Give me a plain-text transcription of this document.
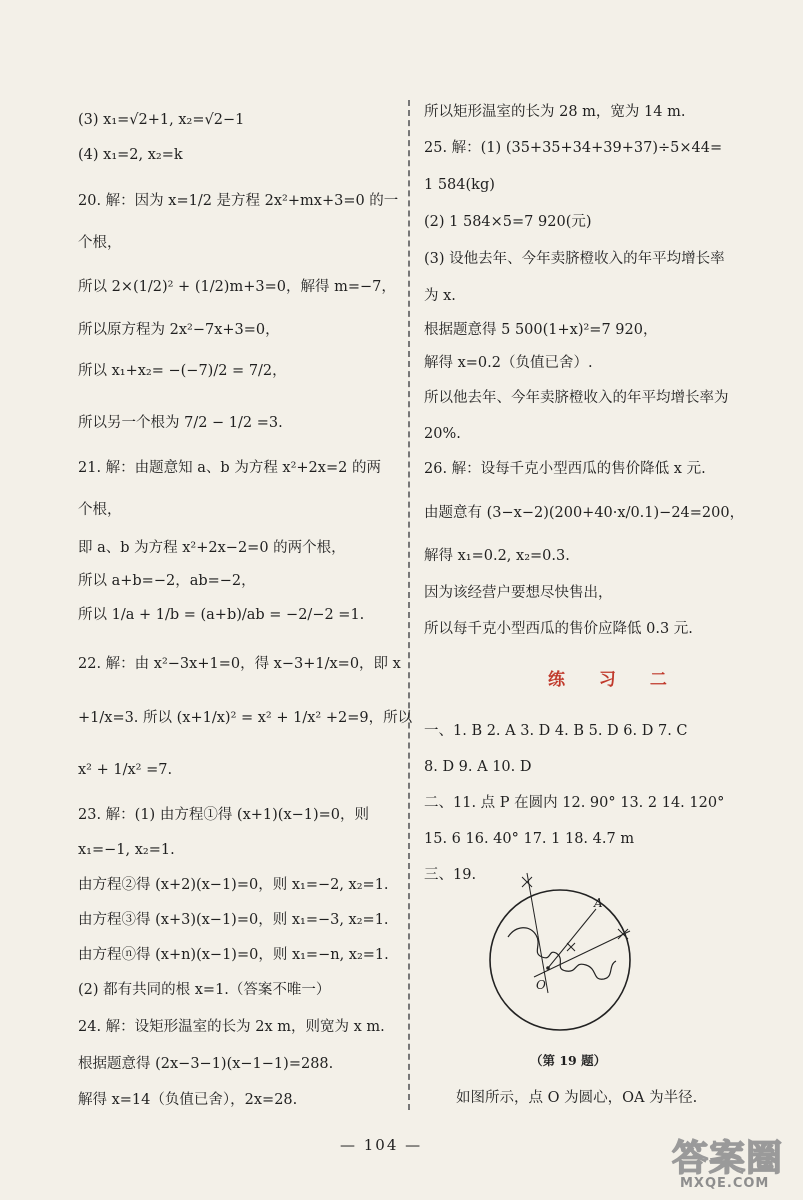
(3) x₁=√2+1, x₂=√2−1
(4) x₁=2, x₂=k
20. 解：因为 x=1/2 是方程 2x²+mx+3=0 的一
个根，
所以 2×(1/2)² + (1/2)m+3=0，解得 m=−7，
所以原方程为 2x²−7x+3=0，
所以 x₁+x₂= −(−7)/2 = 7/2，
所以另一个根为 7/2 − 1/2 =3.
21. 解：由题意知 a、b 为方程 x²+2x=2 的两
个根，
即 a、b 为方程 x²+2x−2=0 的两个根，
所以 a+b=−2，ab=−2，
所以 1/a + 1/b = (a+b)/ab = −2/−2 =1.
22. 解：由 x²−3x+1=0，得 x−3+1/x=0，即 x
+1/x=3. 所以 (x+1/x)² = x² + 1/x² +2=9，所以
x² + 1/x² =7.
23. 解：(1) 由方程①得 (x+1)(x−1)=0，则
x₁=−1, x₂=1.
由方程②得 (x+2)(x−1)=0，则 x₁=−2, x₂=1.
由方程③得 (x+3)(x−1)=0，则 x₁=−3, x₂=1.
由方程ⓝ得 (x+n)(x−1)=0，则 x₁=−n, x₂=1.
(2) 都有共同的根 x=1.（答案不唯一）
24. 解：设矩形温室的长为 2x m，则宽为 x m.
根据题意得 (2x−3−1)(x−1−1)=288.
解得 x=14（负值已舍），2x=28.
所以矩形温室的长为 28 m，宽为 14 m.
25. 解：(1) (35+35+34+39+37)÷5×44=
1 584(kg)
(2) 1 584×5=7 920(元)
(3) 设他去年、今年卖脐橙收入的年平均增长率
为 x.
根据题意得 5 500(1+x)²=7 920，
解得 x=0.2（负值已舍）.
所以他去年、今年卖脐橙收入的年平均增长率为
20%.
26. 解：设每千克小型西瓜的售价降低 x 元.
由题意有 (3−x−2)(200+40·x/0.1)−24=200，
解得 x₁=0.2, x₂=0.3.
因为该经营户要想尽快售出，
所以每千克小型西瓜的售价应降低 0.3 元.
练 习 二
一、1. B 2. A 3. D 4. B 5. D 6. D 7. C
8. D 9. A 10. D
二、11. 点 P 在圆内 12. 90° 13. 2 14. 120°
15. 6 16. 40° 17. 1 18. 4.7 m
三、19.
O
A
（第 19 题）
如图所示，点 O 为圆心，OA 为半径.
— 104 —	答案圈
MXQE.COM
